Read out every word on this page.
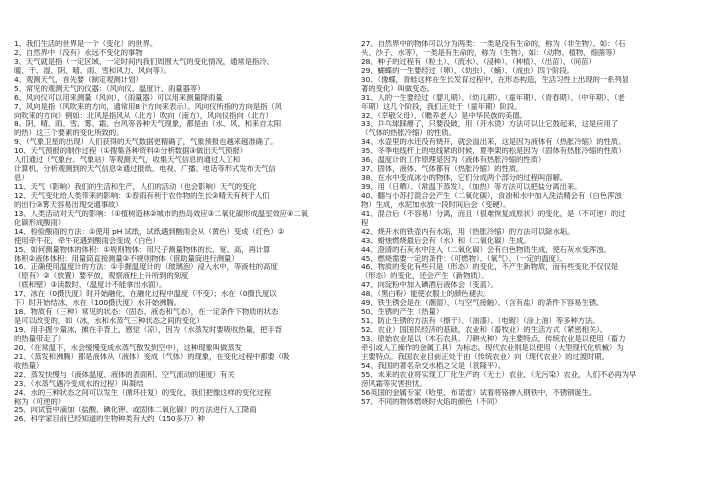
1、我们生活的世界是一个（变化）的世界。
2、自然界中（没有）永远不变化的事物
3、天气就是指（一定区域、一定时间内我们周围大气的变化情况，通常是指冷、
暖、干、湿、阴、晴、雨、雪和风力、风向等）。
4、观测天气，首先要（制定观测计划）
5、常见的观测天气的仪器：（风向仪、温度计、雨量器等）
6、风向仪可以用来测量（风向），（雨量器）可以用来测量降雨量
7、风向是指（风吹来的方向，通常用8个方向来表示）。风向仪所指的方向是指（风
向吹来的方向）例如：北风是指风从（北方）吹向（南方），风向仪指向（北方）
8、阴、晴、雨、雪、雾、霜、台风等各种天气现象，都是由（水、风、和来自太阳
的热）这三个要素的变化所致的。
9、（气象卫星的出现）人们获得的天气数据更精确了，气象预报也越来越准确了。
10、天气预报的制作过程（①搜集各种资料②分析数据③做出天气预报）
人们通过（气象台、气象站）等观测天气，收集天气信息的通过人工和
计算机、分析观测到的天气信息②通过报纸、电视、广播、电话等形式发布天气信
息）
11、天气（影响）我们的生活和生产，人们的活动（也会影响）天气的变化
12、天气变化给人类带来的影响：①春雨有利于农作物的生长②晴天有利于人们
的出行③雾天容易出现交通事故）
13、人类活动对天气的影响：（①植树造林②城市的热岛效应③二氧化碳形成温室效应④二氧
化碳形成酸雨）
14、检验酸雨的方法：①使用 pH 试纸，试纸遇到酸雨会从（黄色）变成（红色）②
使用牵牛花，牵牛花遇到酸雨会变成（白色）
15、如何测量物体的体积：①规则物体：用尺子测量物体的长、宽、高，再计算
体积②液体体积：用量筒直接测量③不规则物体（借助量筒进行测量）
16、正确使用温度计的方法：①手握温度计的（玻璃泡）浸入水中，等液柱的高度
（原有）②（放置）要平放，观察液柱上升所到的刻度
（底和壁）③读数时，（温度计不能拿出水面）。
17、冰在（0摄氏度）时开始融化，在融化过程中温度（不变）；水在（0摄氏度以
下）时开始结冰，水在（100摄氏度）水开始沸腾。
18、物质有（三种）常见的状态：（固态、液态和气态），在一定条件下物质的状态
是可以改变的，如（冰，水和水蒸气三种状态之间的变化）
19、用手握少量冰，摊在手背上，感觉（凉），因为（水蒸发时要吸收热量，把手背
的热量带走了）
20、（在常温下，水会缓慢变成水蒸气散发到空中），这种现象叫做蒸发
21、（蒸发和沸腾）都是液体从（液体）变成（气体）的现象，在变化过程中都要（吸
收热量）
22、蒸发快慢与（液体温度、液体的表面积、空气流动的速度）有关
23、（水蒸气遇冷变成水的过程）叫凝结
24、水的三种状态之间可以发生（循环往复）的变化，我们把像这样的变化过程
称为（可逆的）
25、向试管中滴加（盐酸、碘化钾、或固体二氧化碳）的方法进行人工降雨
26、科学家目前已经知道的生物种类有大约（150多万）种
27、自然界中的物体可以分为两类：一类是没有生命的，称为（非生物）。如：（石
头、沙子、水等），一类是有生命的，称为（生物），如：（动物、植物、细菌等）
28、种子的过程有（粒土）、（流水）、（浸种）、（种植）、（出苗）、（间苗）
29、蝴蝶的一生要经过（卵）、（幼虫）、（蛹）、（成虫）四个阶段。
30、（像蝶，青蛙这样在生长发育过程中，在形态构造，生活习性上出现的一系列显
著的变化）叫做变态。
31、人的一生要经过（婴儿期）、（幼儿期）、（童年期）、（青春期）、（中年期）、（老
年期）这几个阶段，我们正处于（童年期）阶段。
32、（幸敬父母）、（赡养老人）是中华民族的美德。
33、乒乓球踩瘪了，只要没破，用（开水烫）方法可以让它鼓起来，这是应用了
（气体的热胀冷缩）的性质。
34、水壶里的水还没有烧开，就会溢出来，这是因为液体有（热胀冷缩）的性质。
35、冬季电线杆上的电线紧的时候，夏季架的松是因为（固体有热胀冷缩的性质）
36、温度计的工作原理是因为（液体有热胀冷缩的性质）
37、固体，液体、气体都有（热胀冷缩）的性质。
38、在水中变成冰小的物体，它们分成两个部分的过程叫溶解。
39、用（日晒）、（常温下蒸发）、（加热）等方法可以把盐分离出来。
40、翻与小苏打混合会产生（二氧化碳），食油和水中加入洗洁精会有（白色浑浊
物）生成，水泥加水放一段时间后会（变硬）。
41、混合后（不容易）分离，而且（很难恢复成原状）的变化，是（不可逆）的过
程
42、烧开水的铁壶内有水垢，用（热胀冷缩）的方法可以除水垢。
43、蜡烛燃烧最后会有（水）和（二氧化碳）生成。
44、澄清的石灰水中注入（二氧化碳）会有白色物质生成，使石灰水变浑浊。
45、燃烧需要一定的条件：（可燃物）、（氧气）、（一定的温度）。
46、物质的变化有些只是（形态）的变化，不产生新物质，而有些变化不仅仅是
（形态）的变化，还会产生（新物质）。
47、向淀粉中加入碘酒后液体会（变蓝）。
48、（黑白粉）能使衣服上的颜色褪去。
49、铁生锈会是在（潮湿）、（与空气接触）、（含有盐）的条件下容易生锈。
50、生锈的产生（热量）
51、防止生锈的方法有（擦干）、（油漆）、（电镀）（涂上油）等多种方法。
52、农业）国国民经济的基础，农业和（畜牧业）的生活方式（紧密相关）。
53、原始农业是以（木石农具、刀耕火种）为主要特点。传统农业是以使用（畜力
牵引或人工操作的金属工具）为标志。现代农业则是以使用（大型现代化机械）为
主要特点。我国农业目前正处于由（传统农业）向（现代农业）的过渡时期。
54、我国的著名杂交水稻之父是（袁隆平）。
55、未来的农业将实现工厂化生产的（无土）农业、（无污染）农业，人们不必再为早
涝风霜等灾害担忧。
56英国的金属专家（哈里、布诺雷）试着将铬掺入钢铁中，不锈钢诞生。
57、不同的物体燃烧时火焰的颜色（不同）
